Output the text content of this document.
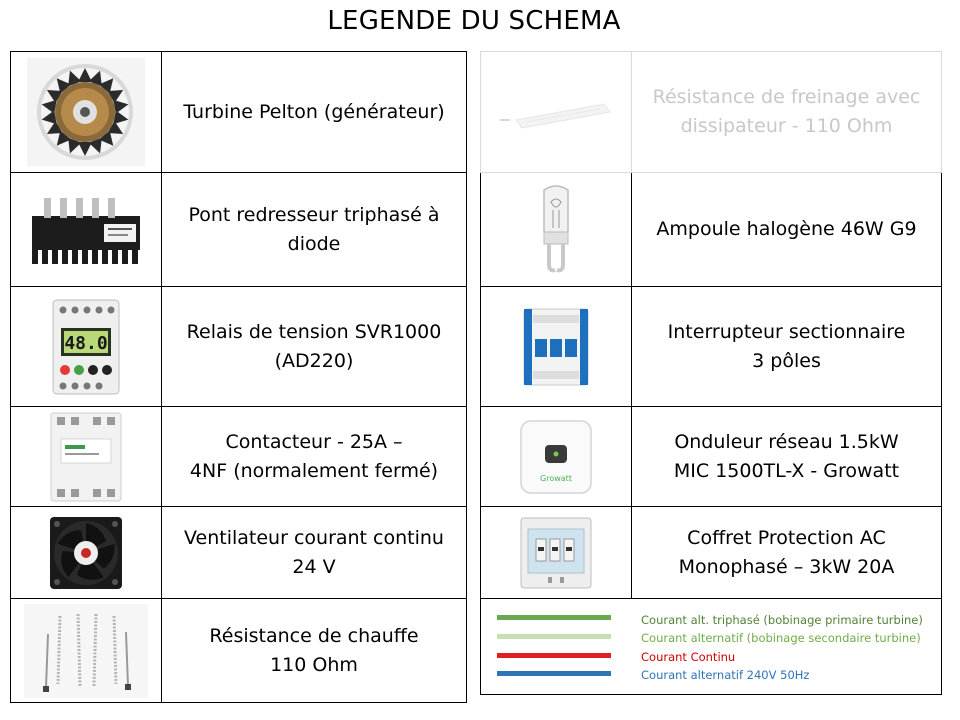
LEGENDE DU SCHEMA

Turbine Pelton (générateur)

Pont redresseur triphasé à
diode

48.0	Relais de tension SVR1000
(AD220)

Contacteur - 25A –
4NF (normalement fermé)

Ventilateur courant continu
24 V

Résistance de chauffe
110 Ohm

Résistance de freinage avec
dissipateur - 110 Ohm

Ampoule halogène 46W G9

Interrupteur sectionnaire
3 pôles

Growatt	Onduleur réseau 1.5kW
MIC 1500TL-X - Growatt

Coffret Protection AC
Monophasé – 3kW 20A

Courant alt. triphasé (bobinage primaire turbine)
Courant alternatif (bobinage secondaire turbine)
Courant Continu
Courant alternatif 240V 50Hz	
